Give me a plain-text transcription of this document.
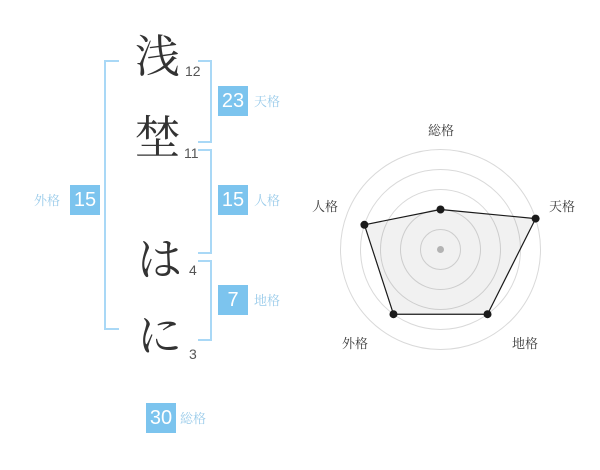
浅
埜
は
に
12
11
4
3
23 天格
15 人格
7	地格
外格 15
30 総格
総格
天格
地格
外格
人格
